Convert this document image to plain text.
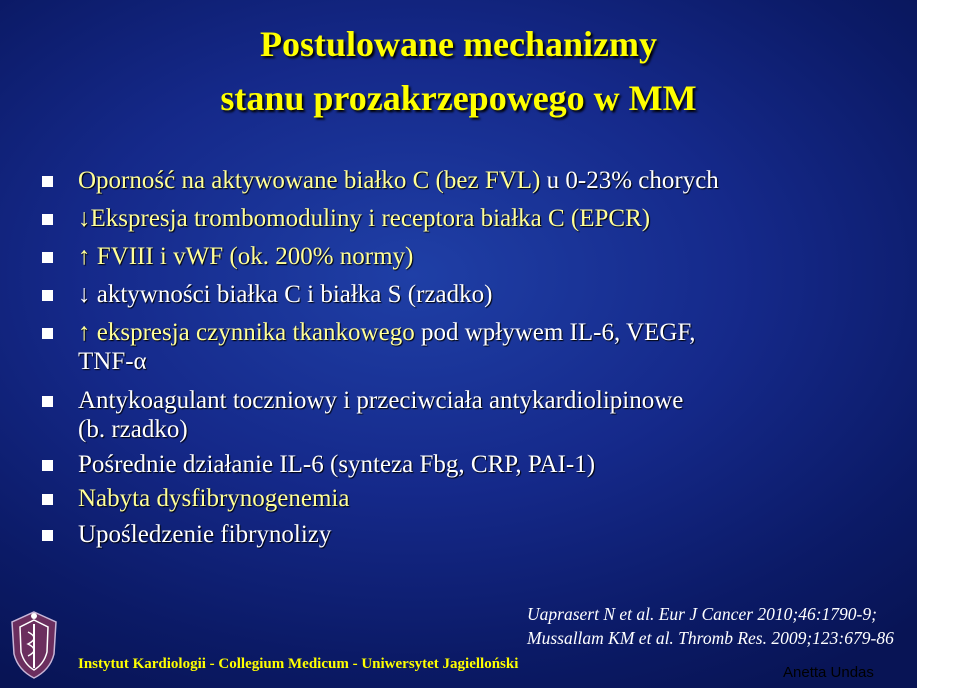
Postulowane mechanizmy
stanu prozakrzepowego w MM
Oporność na aktywowane białko C (bez FVL) u 0-23% chorych
↓Ekspresja trombomoduliny i receptora białka C (EPCR)
↑ FVIII i vWF (ok. 200% normy)
↓ aktywności białka C i białka S (rzadko)
↑ ekspresja czynnika tkankowego pod wpływem IL-6, VEGF,
TNF-α
Antykoagulant toczniowy i przeciwciała antykardiolipinowe
(b. rzadko)
Pośrednie działanie IL-6 (synteza Fbg, CRP, PAI-1)
Nabyta dysfibrynogenemia
Upośledzenie fibrynolizy
Instytut Kardiologii - Collegium Medicum - Uniwersytet Jagielloński
Uaprasert N et al. Eur J Cancer 2010;46:1790-9;
Mussallam KM et al. Thromb Res. 2009;123:679-86
Anetta Undas
